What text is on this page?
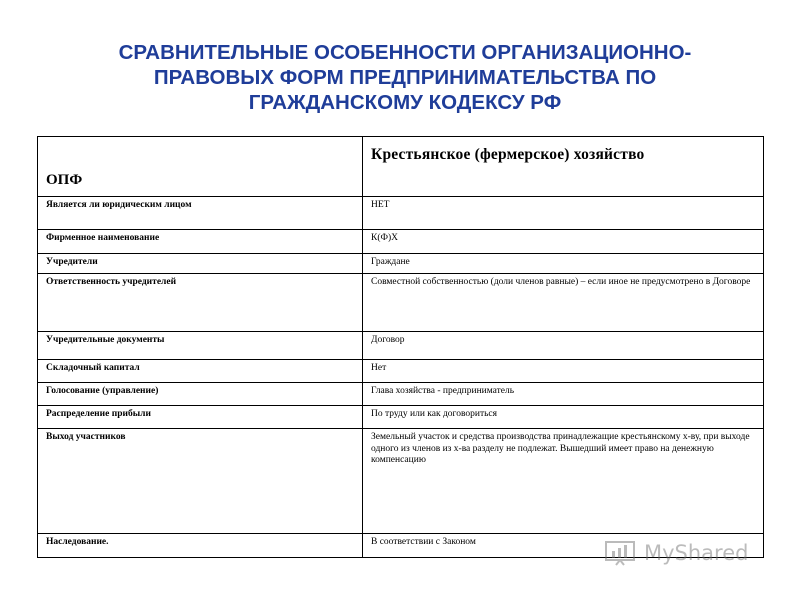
СРАВНИТЕЛЬНЫЕ ОСОБЕННОСТИ ОРГАНИЗАЦИОННО-
ПРАВОВЫХ ФОРМ ПРЕДПРИНИМАТЕЛЬСТВА ПО
ГРАЖДАНСКОМУ КОДЕКСУ РФ
ОПФ	Крестьянское (фермерское) хозяйство
Является ли юридическим лицом	НЕТ
Фирменное наименование	К(Ф)Х
Учредители	Граждане
Ответственность учредителей	Совместной собственностью (доли членов равные) – если иное не предусмотрено в Договоре
Учредительные документы	Договор
Складочный капитал	Нет
Голосование (управление)	Глава хозяйства - предприниматель
Распределение прибыли	По труду или как договориться
Выход участников	Земельный участок и средства производства принадлежащие крестьянскому х-ву, при выходе одного из членов из х-ва разделу не подлежат. Вышедший имеет право на денежную компенсацию
Наследование.	В соответствии с Законом	MyShared
